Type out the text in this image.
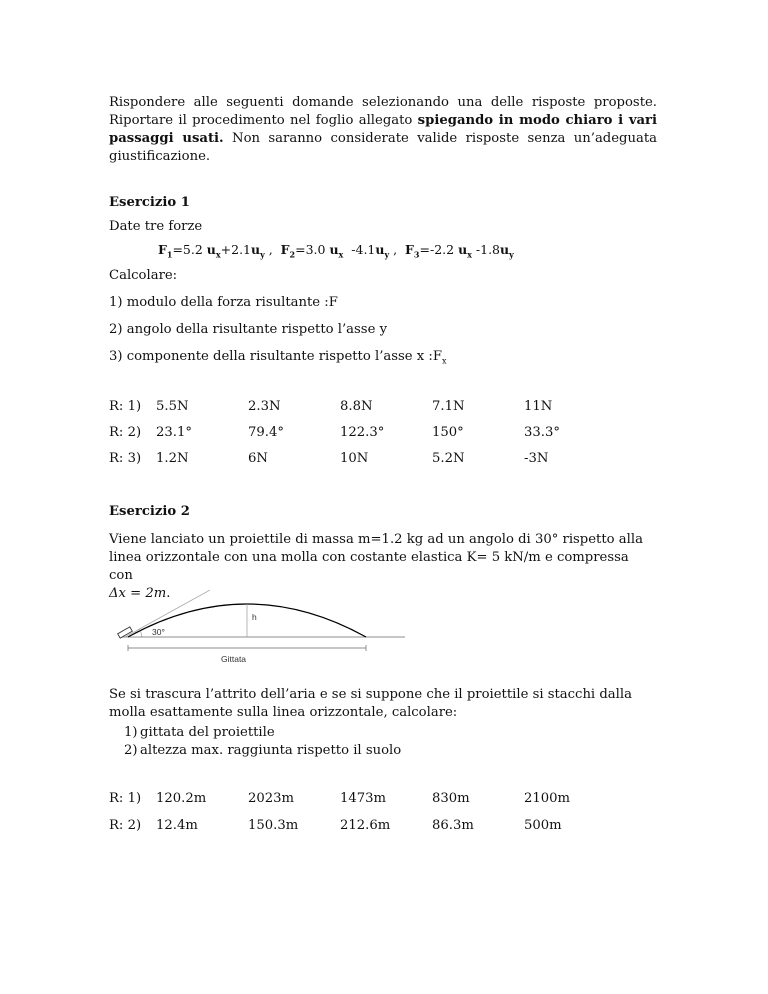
Rispondere alle seguenti domande selezionando una delle risposte proposte. Riportare il procedimento nel foglio allegato spiegando in modo chiaro i vari passaggi usati. Non saranno considerate valide risposte senza un’adeguata giustificazione.

Esercizio 1

Date tre forze

$F_1=5.2$ $u_x+2.1u_y$ ,  $F_2=3.0$ $u_x$  $-4.1u_y$ ,  $F_3=-2.2$ $u_x$ $-1.8u_y$

Calcolare:

1) modulo della forza risultante :F

2) angolo della risultante rispetto l’asse y

3) componente della risultante rispetto l’asse x $:F_x$

R: 1) 5.5N	2.3N	8.8N	7.1N	11N
R: 2) 23.1°	79.4°	122.3°	150°	33.3°
R: 3) 1.2N	6N	10N	5.2N	-3N

Esercizio 2

Viene lanciato un proiettile di massa m=1.2 kg ad un angolo di 30° rispetto alla linea orizzontale con una molla con costante elastica K= 5 kN/m e compressa con
Δx = 2m.

h
30°
Gittata

Se si trascura l’attrito dell’aria e se si suppone che il proiettile si stacchi dalla molla esattamente sulla linea orizzontale, calcolare:

1) gittata del proiettile
2) altezza max. raggiunta rispetto il suolo
R: 1) 120.2m	2023m	1473m	830m	2100m
R: 2) 12.4m	150.3m	212.6m	86.3m	500m
